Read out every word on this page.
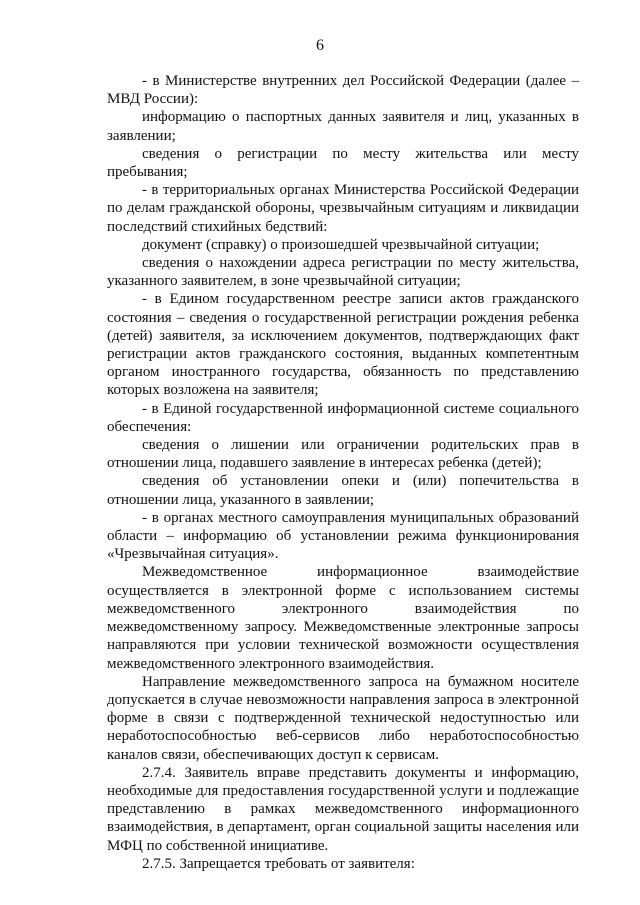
6

- в Министерстве внутренних дел Российской Федерации (далее – МВД России):

информацию о паспортных данных заявителя и лиц, указанных в заявлении;

сведения о регистрации по месту жительства или месту пребывания;

- в территориальных органах Министерства Российской Федерации по делам гражданской обороны, чрезвычайным ситуациям и ликвидации последствий стихийных бедствий:

документ (справку) о произошедшей чрезвычайной ситуации;

сведения о нахождении адреса регистрации по месту жительства, указанного заявителем, в зоне чрезвычайной ситуации;

- в Едином государственном реестре записи актов гражданского состояния – сведения о государственной регистрации рождения ребенка (детей) заявителя, за исключением документов, подтверждающих факт регистрации актов гражданского состояния, выданных компетентным органом иностранного государства, обязанность по представлению которых возложена на заявителя;

- в Единой государственной информационной системе социального обеспечения:

сведения о лишении или ограничении родительских прав в отношении лица, подавшего заявление в интересах ребенка (детей);

сведения об установлении опеки и (или) попечительства в отношении лица, указанного в заявлении;

- в органах местного самоуправления муниципальных образований области – информацию об установлении режима функционирования «Чрезвычайная ситуация».

Межведомственное информационное взаимодействие осуществляется в электронной форме с использованием системы межведомственного электронного взаимодействия по межведомственному запросу. Межведомственные электронные запросы направляются при условии технической возможности осуществления межведомственного электронного взаимодействия.

Направление межведомственного запроса на бумажном носителе допускается в случае невозможности направления запроса в электронной форме в связи с подтвержденной технической недоступностью или неработоспособностью веб-сервисов либо неработоспособностью каналов связи, обеспечивающих доступ к сервисам.

2.7.4. Заявитель вправе представить документы и информацию, необходимые для предоставления государственной услуги и подлежащие представлению в рамках межведомственного информационного взаимодействия, в департамент, орган социальной защиты населения или МФЦ по собственной инициативе.

2.7.5. Запрещается требовать от заявителя:
